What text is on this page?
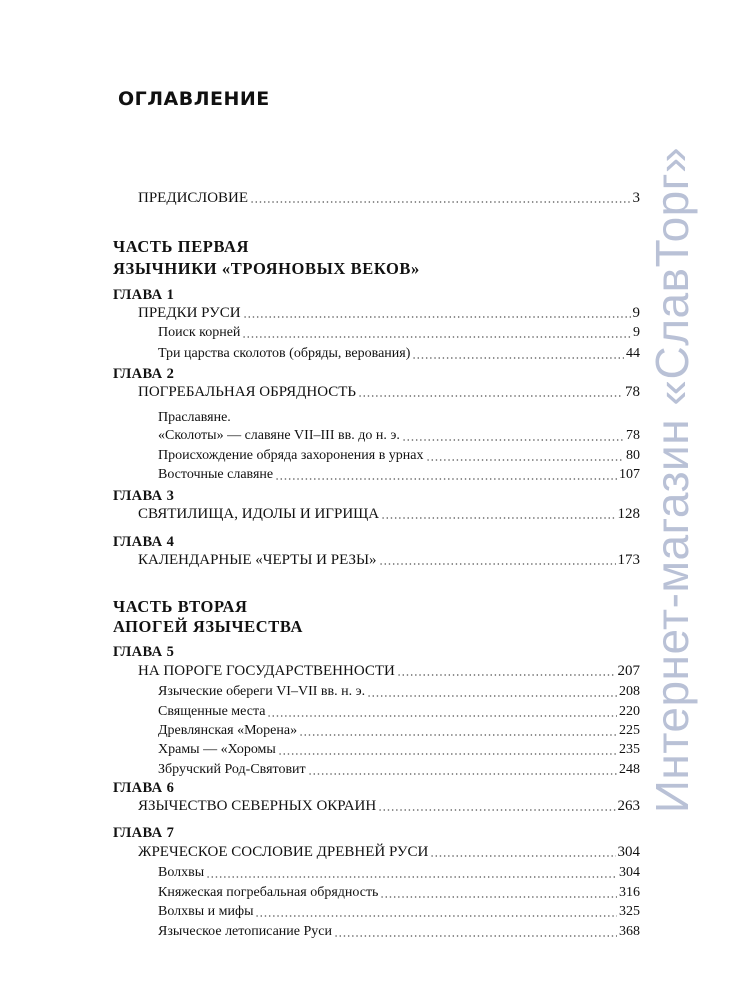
ОГЛАВЛЕНИЕ
ПРЕДИСЛОВИЕ	3
ЧАСТЬ ПЕРВАЯ
ЯЗЫЧНИКИ «ТРОЯНОВЫХ ВЕКОВ»
ГЛАВА 1
ПРЕДКИ РУСИ	9
Поиск корней	9
Три царства сколотов (обряды, верования)	44
ГЛАВА 2
ПОГРЕБАЛЬНАЯ ОБРЯДНОСТЬ	78
Праславяне.
«Сколоты» — славяне VII–III вв. до н. э.	78
Происхождение обряда захоронения в урнах	80
Восточные славяне	107
ГЛАВА 3
СВЯТИЛИЩА, ИДОЛЫ И ИГРИЩА	128
ГЛАВА 4
КАЛЕНДАРНЫЕ «ЧЕРТЫ И РЕЗЫ»	173
ЧАСТЬ ВТОРАЯ
АПОГЕЙ ЯЗЫЧЕСТВА
ГЛАВА 5
НА ПОРОГЕ ГОСУДАРСТВЕННОСТИ	207
Языческие обереги VI–VII вв. н. э.	208
Священные места	220
Древлянская «Морена»	225
Храмы — «Хоромы	235
Збручский Род-Святовит	248
ГЛАВА 6
ЯЗЫЧЕСТВО СЕВЕРНЫХ ОКРАИН	263
ГЛАВА 7
ЖРЕЧЕСКОЕ СОСЛОВИЕ ДРЕВНЕЙ РУСИ	304
Волхвы	304
Княжеская погребальная обрядность	316
Волхвы и мифы	325
Языческое летописание Руси	368
Интернет-магазин «СлавТорг»
